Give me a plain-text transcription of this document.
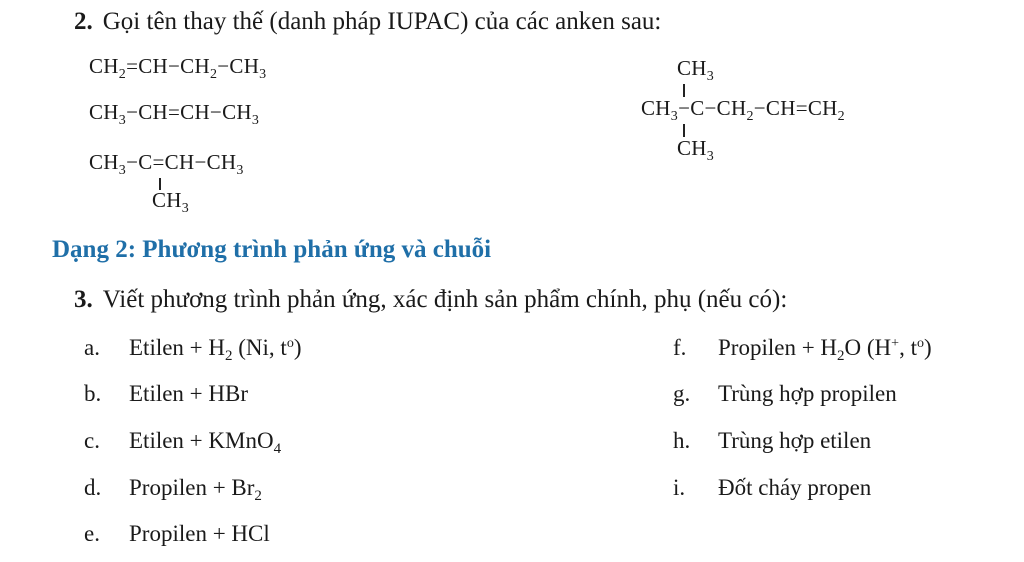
2. Gọi tên thay thế (danh pháp IUPAC) của các anken sau:
$CH_2=CH-CH_2-CH_3$
$CH_3-CH=CH-CH_3$
$CH_3-C=CH-CH_3$
$CH_3$
$CH_3$
$CH_3-C-CH_2-CH=CH_2$
$CH_3$
Dạng 2: Phương trình phản ứng và chuỗi
3. Viết phương trình phản ứng, xác định sản phẩm chính, phụ (nếu có):
a. Etilen + $H_2$ (Ni, $t^o$)
b. Etilen + HBr
c. Etilen + KMnO$_4$
d. Propilen + $Br_2$
e. Propilen + HCl
f. Propilen + $H_2O$ (H+, $t^o$)
g. Trùng hợp propilen
h. Trùng hợp etilen
i. Đốt cháy propen
